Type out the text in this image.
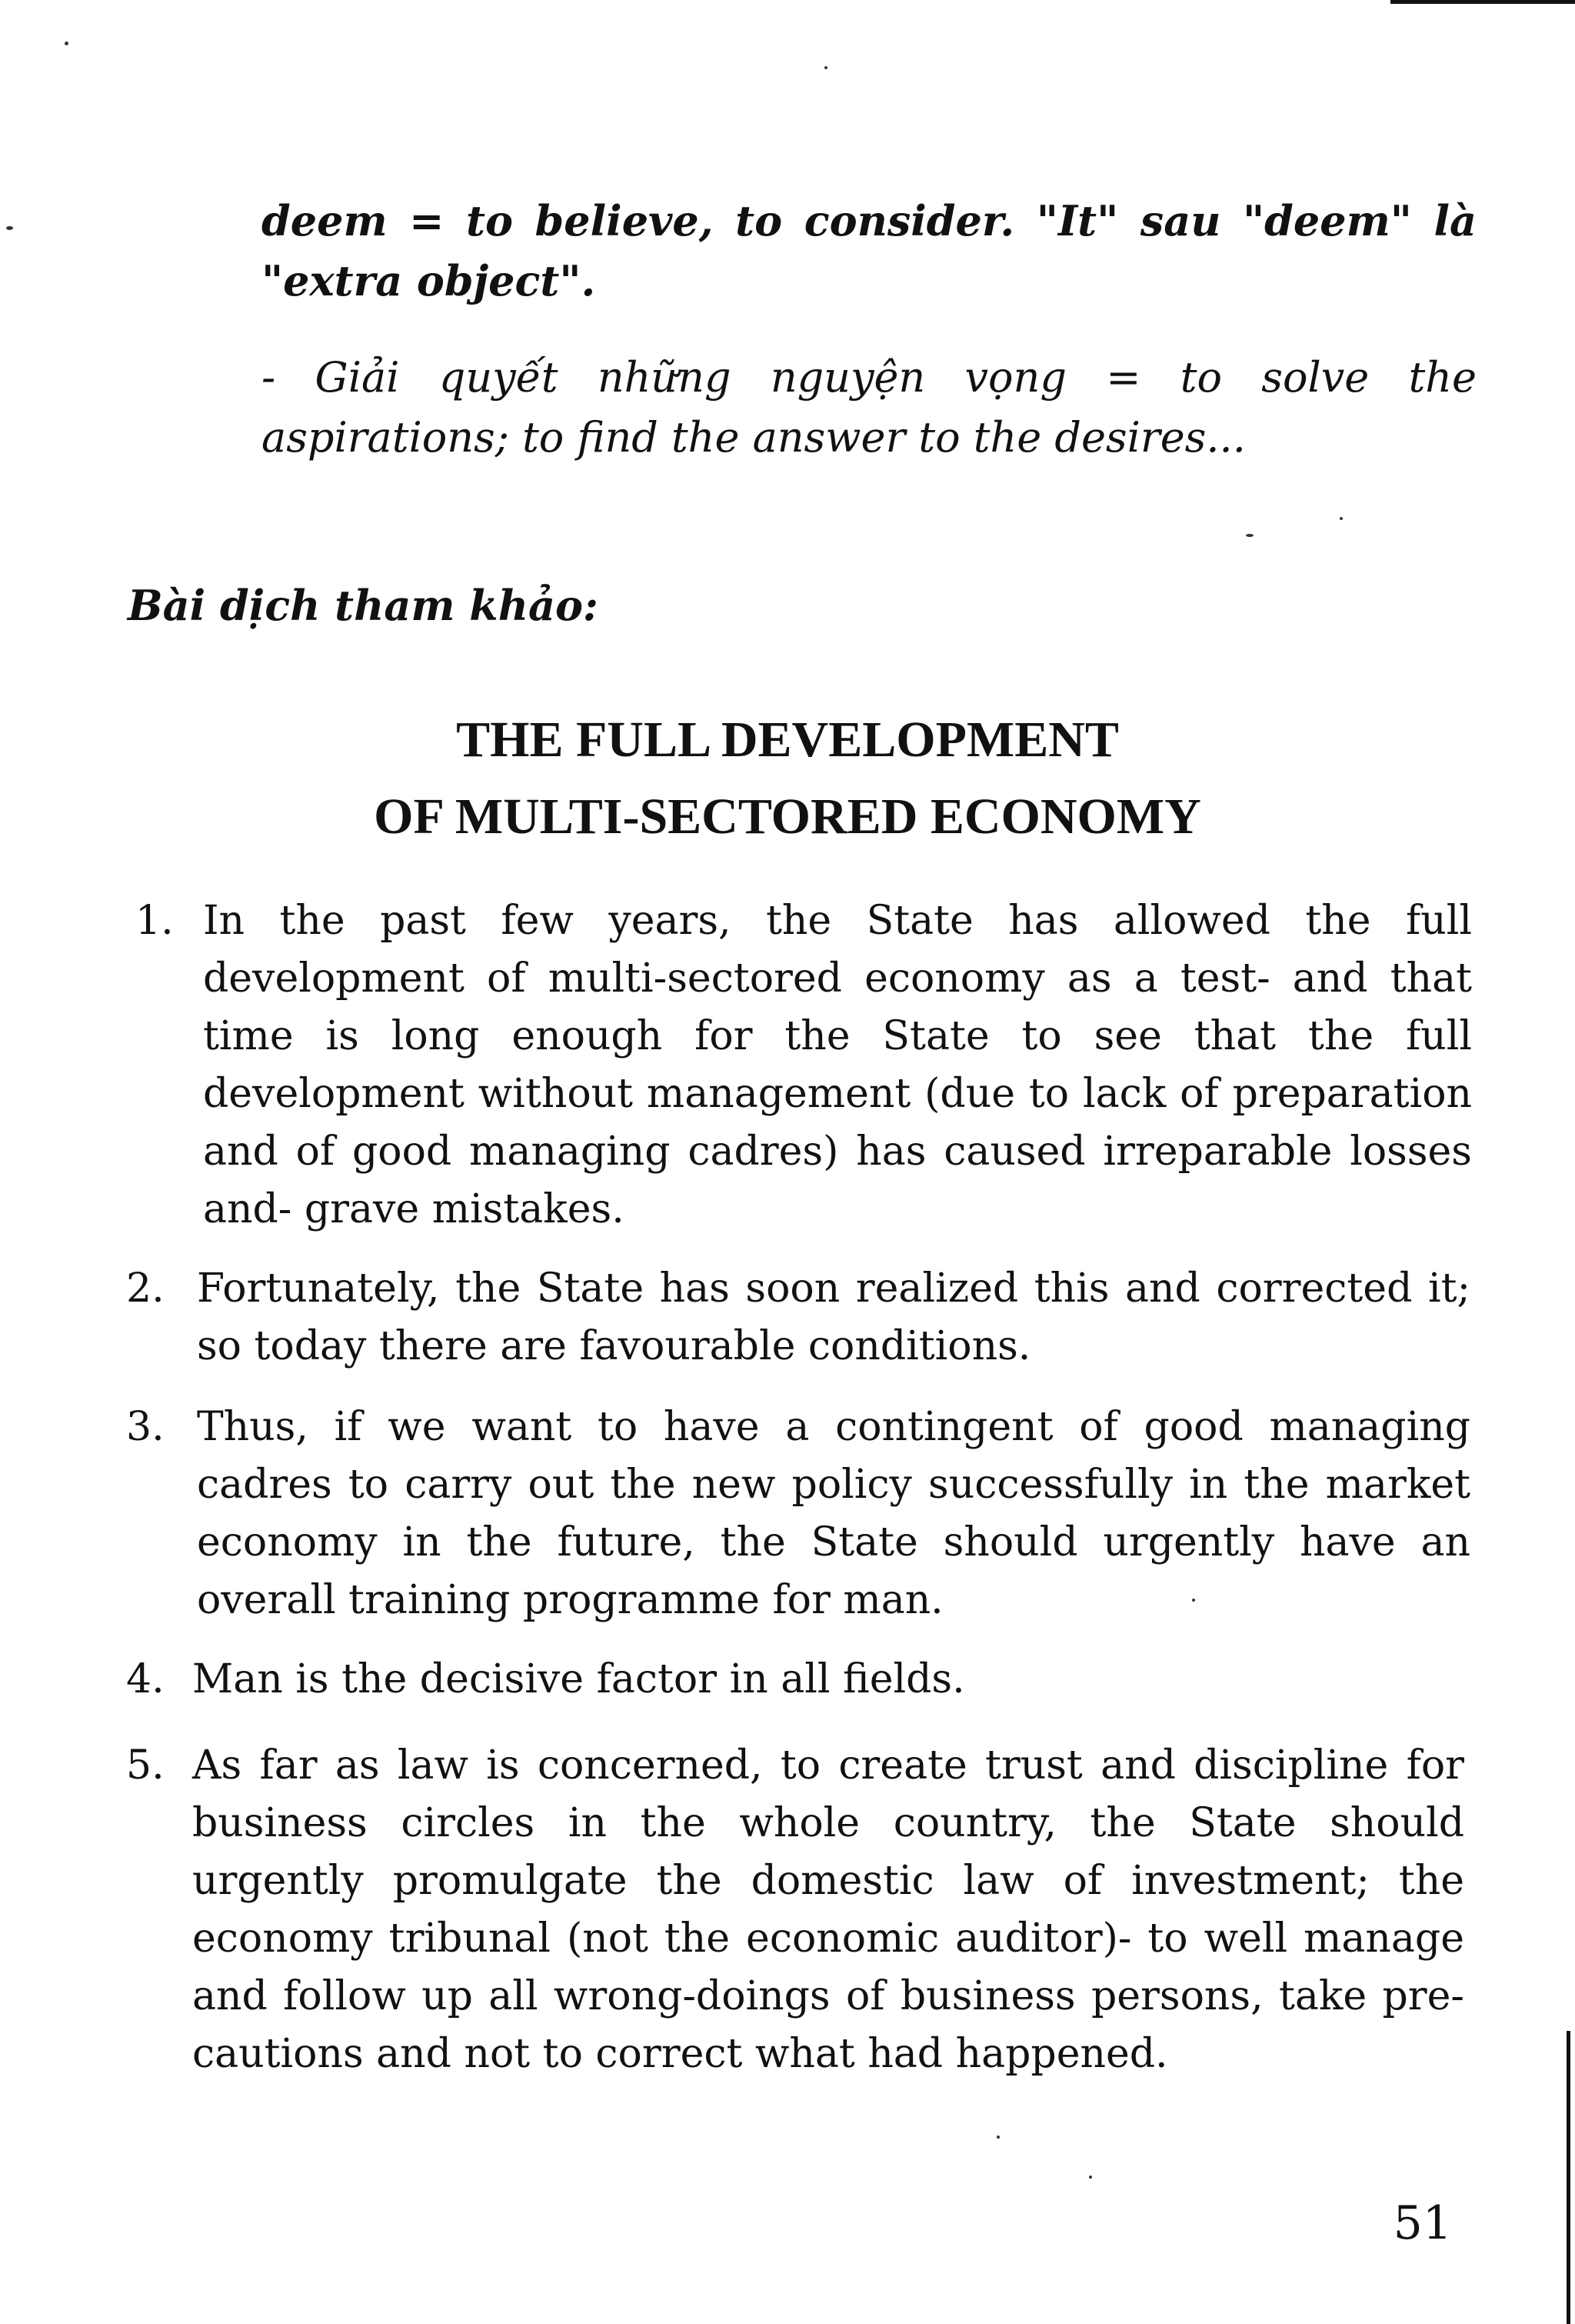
deem = to believe, to consider. "It" sau "deem" là "extra object".
- Giải quyết những nguyện vọng = to solve the aspirations; to find the answer to the desires...
Bài dịch tham khảo:
THE FULL DEVELOPMENT
OF MULTI-SECTORED ECONOMY
1. In the past few years, the State has allowed the full development of multi-sectored economy as a test- and that time is long enough for the State to see that the full development without management (due to lack of preparation and of good managing cadres) has caused irreparable losses and- grave mistakes.
2. Fortunately, the State has soon realized this and corrected it; so today there are favourable conditions.
3. Thus, if we want to have a contingent of good managing cadres to carry out the new policy successfully in the market economy in the future, the State should urgently have an overall training programme for man.
4. Man is the decisive factor in all fields.
5. As far as law is concerned, to create trust and discipline for business circles in the whole country, the State should urgently promulgate the domestic law of investment; the economy tribunal (not the economic auditor)- to well manage and follow up all wrong-doings of business persons, take pre-cautions and not to correct what had happened.
51
